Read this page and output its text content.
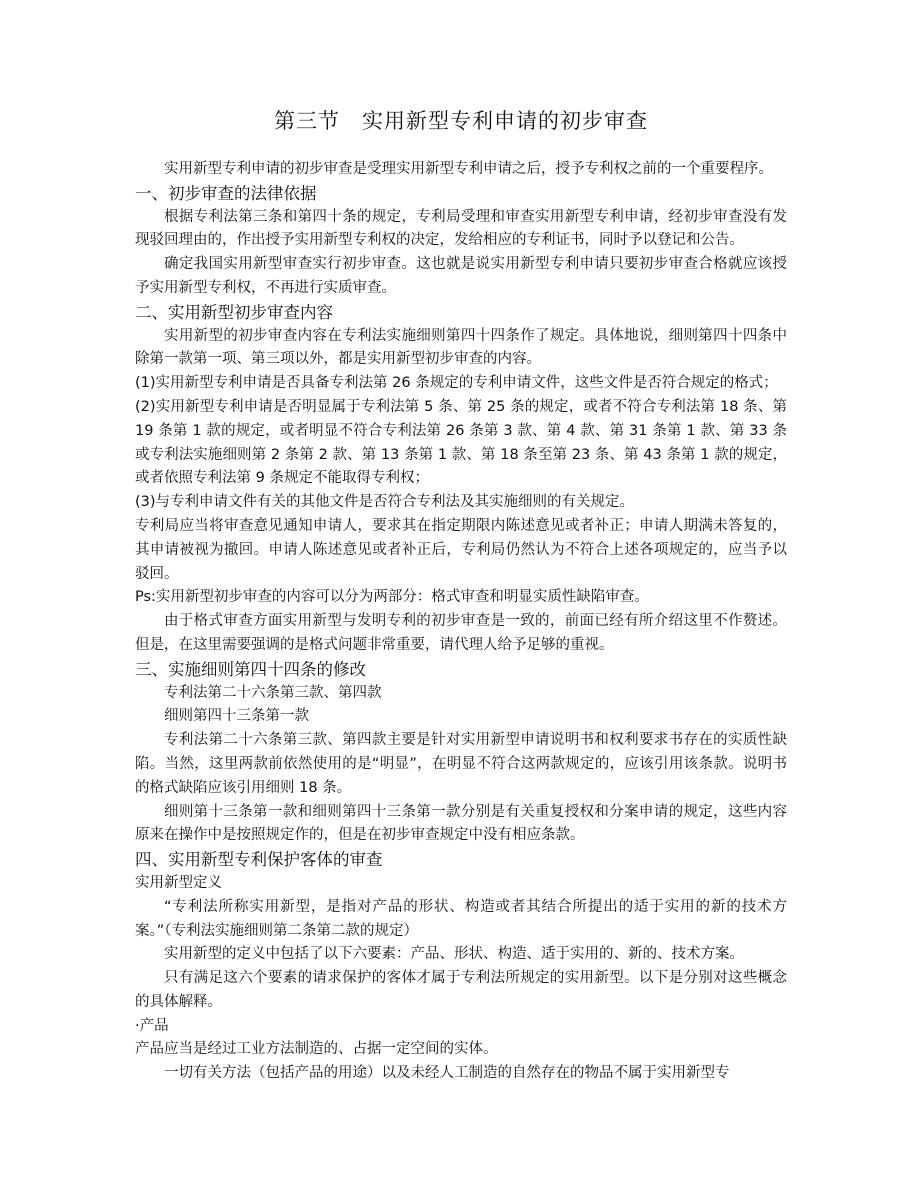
第三节　实用新型专利申请的初步审查

实用新型专利申请的初步审查是受理实用新型专利申请之后，授予专利权之前的一个重要程序。

一、初步审查的法律依据

根据专利法第三条和第四十条的规定，专利局受理和审查实用新型专利申请，经初步审查没有发现驳回理由的，作出授予实用新型专利权的决定，发给相应的专利证书，同时予以登记和公告。

确定我国实用新型审查实行初步审查。这也就是说实用新型专利申请只要初步审查合格就应该授予实用新型专利权，不再进行实质审查。

二、实用新型初步审查内容

实用新型的初步审查内容在专利法实施细则第四十四条作了规定。具体地说，细则第四十四条中除第一款第一项、第三项以外，都是实用新型初步审查的内容。

(1)实用新型专利申请是否具备专利法第 26 条规定的专利申请文件，这些文件是否符合规定的格式；

(2)实用新型专利申请是否明显属于专利法第 5 条、第 25 条的规定，或者不符合专利法第 18 条、第 19 条第 1 款的规定，或者明显不符合专利法第 26 条第 3 款、第 4 款、第 31 条第 1 款、第 33 条或专利法实施细则第 2 条第 2 款、第 13 条第 1 款、第 18 条至第 23 条、第 43 条第 1 款的规定，或者依照专利法第 9 条规定不能取得专利权；

(3)与专利申请文件有关的其他文件是否符合专利法及其实施细则的有关规定。

专利局应当将审查意见通知申请人，要求其在指定期限内陈述意见或者补正；申请人期满未答复的，其申请被视为撤回。申请人陈述意见或者补正后，专利局仍然认为不符合上述各项规定的，应当予以驳回。

Ps:实用新型初步审查的内容可以分为两部分：格式审查和明显实质性缺陷审查。

由于格式审查方面实用新型与发明专利的初步审查是一致的，前面已经有所介绍这里不作赘述。但是，在这里需要强调的是格式问题非常重要，请代理人给予足够的重视。

三、实施细则第四十四条的修改

专利法第二十六条第三款、第四款

细则第四十三条第一款

专利法第二十六条第三款、第四款主要是针对实用新型申请说明书和权利要求书存在的实质性缺陷。当然，这里两款前依然使用的是“明显”，在明显不符合这两款规定的，应该引用该条款。说明书的格式缺陷应该引用细则 18 条。

细则第十三条第一款和细则第四十三条第一款分别是有关重复授权和分案申请的规定，这些内容原来在操作中是按照规定作的，但是在初步审查规定中没有相应条款。

四、实用新型专利保护客体的审查

实用新型定义

“专利法所称实用新型，是指对产品的形状、构造或者其结合所提出的适于实用的新的技术方案。”（专利法实施细则第二条第二款的规定）

实用新型的定义中包括了以下六要素：产品、形状、构造、适于实用的、新的、技术方案。

只有满足这六个要素的请求保护的客体才属于专利法所规定的实用新型。以下是分别对这些概念的具体解释。

·产品

产品应当是经过工业方法制造的、占据一定空间的实体。

一切有关方法（包括产品的用途）以及未经人工制造的自然存在的物品不属于实用新型专
